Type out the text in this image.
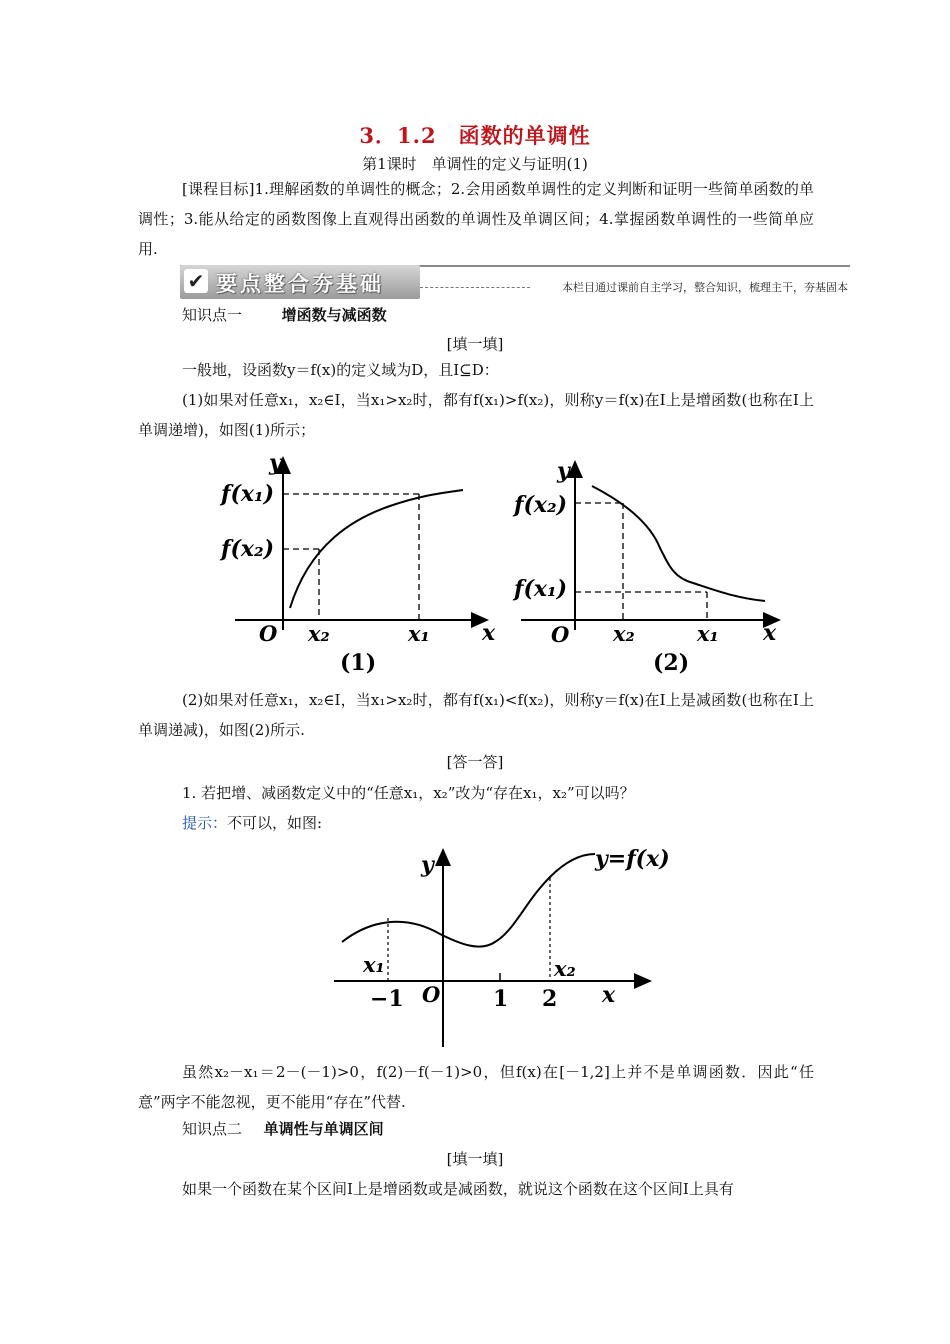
3．1.2　函数的单调性
第1课时　单调性的定义与证明(1)
[课程目标]1.理解函数的单调性的概念；2.会用函数单调性的定义判断和证明一些简单函数的单调性；3.能从给定的函数图像上直观得出函数的单调性及单调区间；4.掌握函数单调性的一些简单应用.
✔ 要点整合夯基础	本栏目通过课前自主学习，整合知识，梳理主干，夯基固本
知识点一	增函数与减函数
[填一填]
一般地，设函数y＝f(x)的定义域为D，且I⊆D：
(1)如果对任意x₁，x₂∈I，当x₁>x₂时，都有f(x₁)>f(x₂)，则称y＝f(x)在I上是增函数(也称在I上单调递增)，如图(1)所示；
y
x
O
f(x₁)
f(x₂)
x₂	x₁
(1)
y
x
O
f(x₂)
f(x₁)
x₂	x₁
(2)
(2)如果对任意x₁，x₂∈I，当x₁>x₂时，都有f(x₁)<f(x₂)，则称y＝f(x)在I上是减函数(也称在I上单调递减)，如图(2)所示.
[答一答]
1. 若把增、减函数定义中的“任意x₁，x₂”改为“存在x₁，x₂”可以吗？
提示：不可以，如图:
y
x
O
y=f(x)
x₁	x₂
−1	1 2
虽然x₂－x₁＝2－(－1)>0，f(2)－f(－1)>0，但f(x)在[－1,2]上并不是单调函数．因此“任意”两字不能忽视，更不能用“存在”代替.
知识点二 单调性与单调区间
[填一填]
如果一个函数在某个区间I上是增函数或是减函数，就说这个函数在这个区间I上具有
